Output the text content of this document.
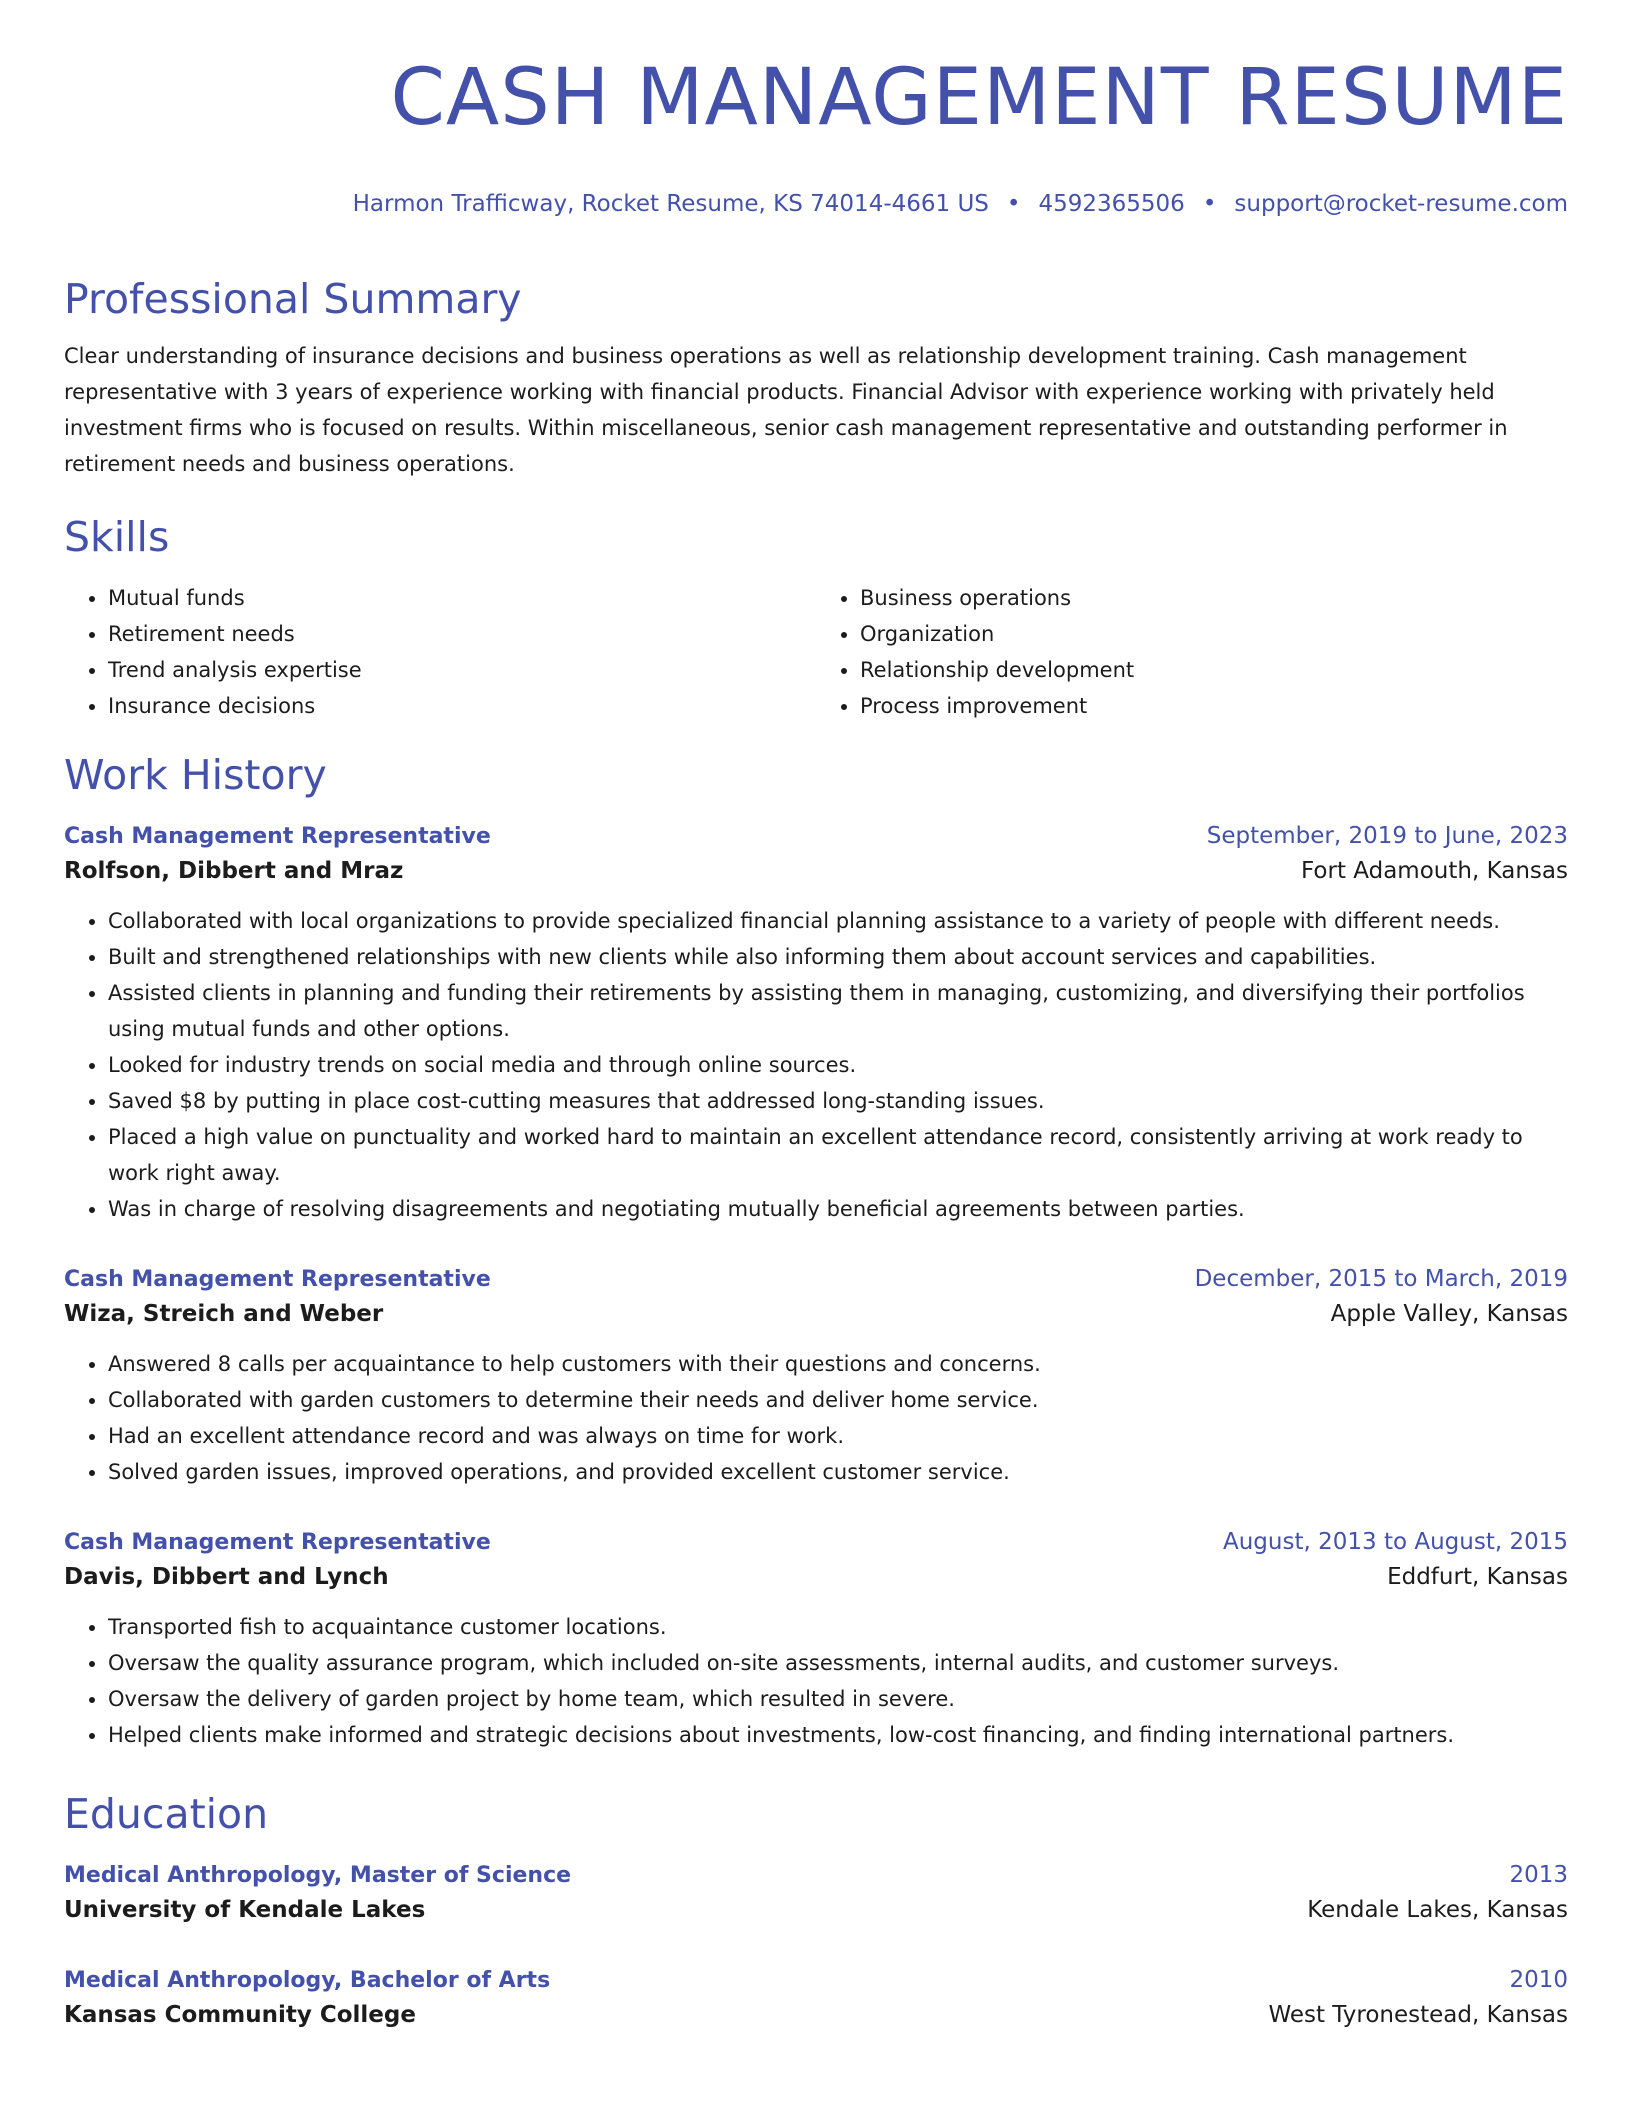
CASH MANAGEMENT RESUME
Harmon Trafficway, Rocket Resume, KS 74014-4661 US • 4592365506 • support@rocket-resume.com
Professional Summary
Clear understanding of insurance decisions and business operations as well as relationship development training. Cash management representative with 3 years of experience working with financial products. Financial Advisor with experience working with privately held investment firms who is focused on results. Within miscellaneous, senior cash management representative and outstanding performer in retirement needs and business operations.
Skills
• Mutual funds
• Retirement needs
• Trend analysis expertise
• Insurance decisions
• Business operations
• Organization
• Relationship development
• Process improvement
Work History
Cash Management Representative	September, 2019 to June, 2023
Rolfson, Dibbert and Mraz	Fort Adamouth, Kansas
• Collaborated with local organizations to provide specialized financial planning assistance to a variety of people with different needs.
• Built and strengthened relationships with new clients while also informing them about account services and capabilities.
• Assisted clients in planning and funding their retirements by assisting them in managing, customizing, and diversifying their portfolios using mutual funds and other options.
• Looked for industry trends on social media and through online sources.
• Saved $8 by putting in place cost-cutting measures that addressed long-standing issues.
• Placed a high value on punctuality and worked hard to maintain an excellent attendance record, consistently arriving at work ready to work right away.
• Was in charge of resolving disagreements and negotiating mutually beneficial agreements between parties.
Cash Management Representative	December, 2015 to March, 2019
Wiza, Streich and Weber	Apple Valley, Kansas
• Answered 8 calls per acquaintance to help customers with their questions and concerns.
• Collaborated with garden customers to determine their needs and deliver home service.
• Had an excellent attendance record and was always on time for work.
• Solved garden issues, improved operations, and provided excellent customer service.
Cash Management Representative	August, 2013 to August, 2015
Davis, Dibbert and Lynch	Eddfurt, Kansas
• Transported fish to acquaintance customer locations.
• Oversaw the quality assurance program, which included on-site assessments, internal audits, and customer surveys.
• Oversaw the delivery of garden project by home team, which resulted in severe.
• Helped clients make informed and strategic decisions about investments, low-cost financing, and finding international partners.
Education
Medical Anthropology, Master of Science	2013
University of Kendale Lakes	Kendale Lakes, Kansas
Medical Anthropology, Bachelor of Arts	2010
Kansas Community College	West Tyronestead, Kansas
